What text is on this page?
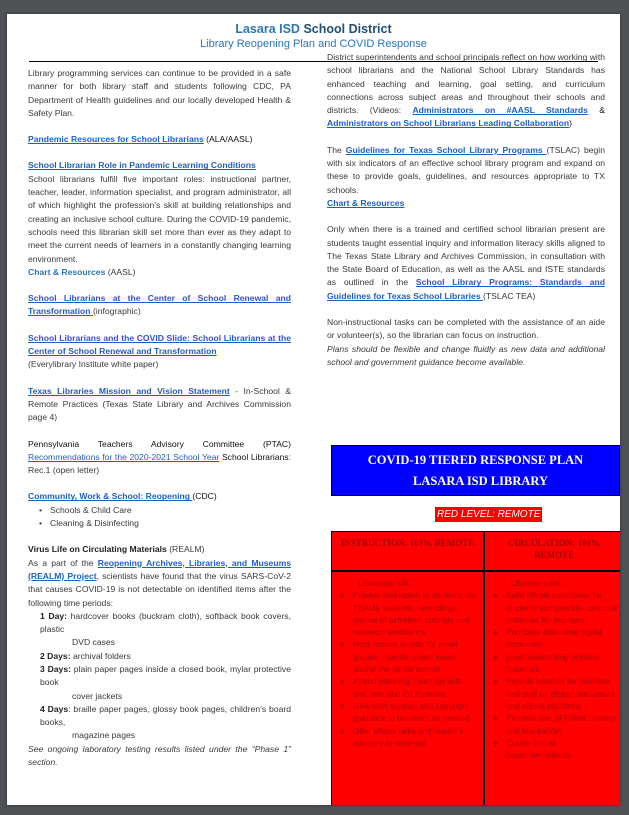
Lasara ISD School District
Library Reopening Plan and COVID Response

Library programming services can continue to be provided in a safe manner for both library staff and students following CDC, PA Department of Health guidelines and our locally developed Health & Safety Plan.

Pandemic Resources for School Librarians (ALA/AASL)

School Librarian Role in Pandemic Learning Conditions
School librarians fulfill five important roles: instructional partner, teacher, leader, information specialist, and program administrator, all of which highlight the profession’s skill at building relationships and creating an inclusive school culture. During the COVID-19 pandemic, schools need this librarian skill set more than ever as they adapt to meet the current needs of learners in a constantly changing learning environment.
Chart & Resources (AASL)

School Librarians at the Center of School Renewal and Transformation (infographic)

School Librarians and the COVID Slide: School Librarians at the Center of School Renewal and Transformation
(Everylibrary Institute white paper)

Texas Libraries Mission and Vision Statement - In-School & Remote Practices (Texas State Library and Archives Commission page 4)

Pennsylvania Teachers Advisory Committee (PTAC) Recommendations for the 2020-2021 School Year School Librarians: Rec.1 (open letter)

Community, Work & School: Reopening (CDC)
• Schools & Child Care
• Cleaning & Disinfecting
Virus Life on Circulating Materials (REALM)
As a part of the Reopening Archives, Libraries, and Museums (REALM) Project, scientists have found that the virus SARS-CoV-2 that causes COVID-19 is not detectable on identified items after the following time periods:
1 Day: hardcover books (buckram cloth), softback book covers, plastic
DVD cases
2 Days: archival folders
3 Days: plain paper pages inside a closed book, mylar protective book
cover jackets
4 Days: braille paper pages, glossy book pages, children’s board books,
magazine pages
See ongoing laboratory testing results listed under the “Phase 1” section.

District superintendents and school principals reflect on how working with school librarians and the National School Library Standards has enhanced teaching and learning, goal setting, and curriculum connections across subject areas and throughout their schools and districts. (Videos: Administrators on #AASL Standards & Administrators on School Librarians Leading Collaboration)

The Guidelines for Texas School Library Programs (TSLAC) begin with six indicators of an effective school library program and expand on these to provide goals, guidelines, and resources appropriate to TX schools.
Chart & Resources

Only when there is a trained and certified school librarian present are students taught essential inquiry and information literacy skills aligned to The Texas State Library and Archives Commission, in consultation with the State Board of Education, as well as the AASL and ISTE standards as outlined in the School Library Programs: Standards and Guidelines for Texas School Libraries (TSLAC TEA)

Non-instructional tasks can be completed with the assistance of an aide or volunteer(s), so the librarian can focus on instruction.
Plans should be flexible and change fluidly as new data and additional school and government guidance become available.
COVID-19 TIERED RESPONSE PLAN
LASARA ISD LIBRARY
RED LEVEL: REMOTE
INSTRUCTION: 100% REMOTE	CIRCULATION: 100% REMOTE
Librarians will...
◆ Provide instruction to students via TEAMs sessions, recordings, menus of activities, tutorials and research assistance
◆ Host remote events for small groups, specific grade levels and/or the whole school
◆ Attend planning meetings with teachers and Ed Partners
◆ Give tech support and copyright guidance to teachers as needed
◆ Offer eBook talks and reader’s advisory to students
Librarians will...
◆ Build eBook collections for students and provide curricular materials for teachers
◆ Purchase additional digital resources
◆ purchase/catalog physical materials
◆ Provide tutorials for students and staff on district databases and eBook platforms
◆ Promote use of Follett Destiny and MackinVIA
◆ Curate lists of recommendations
